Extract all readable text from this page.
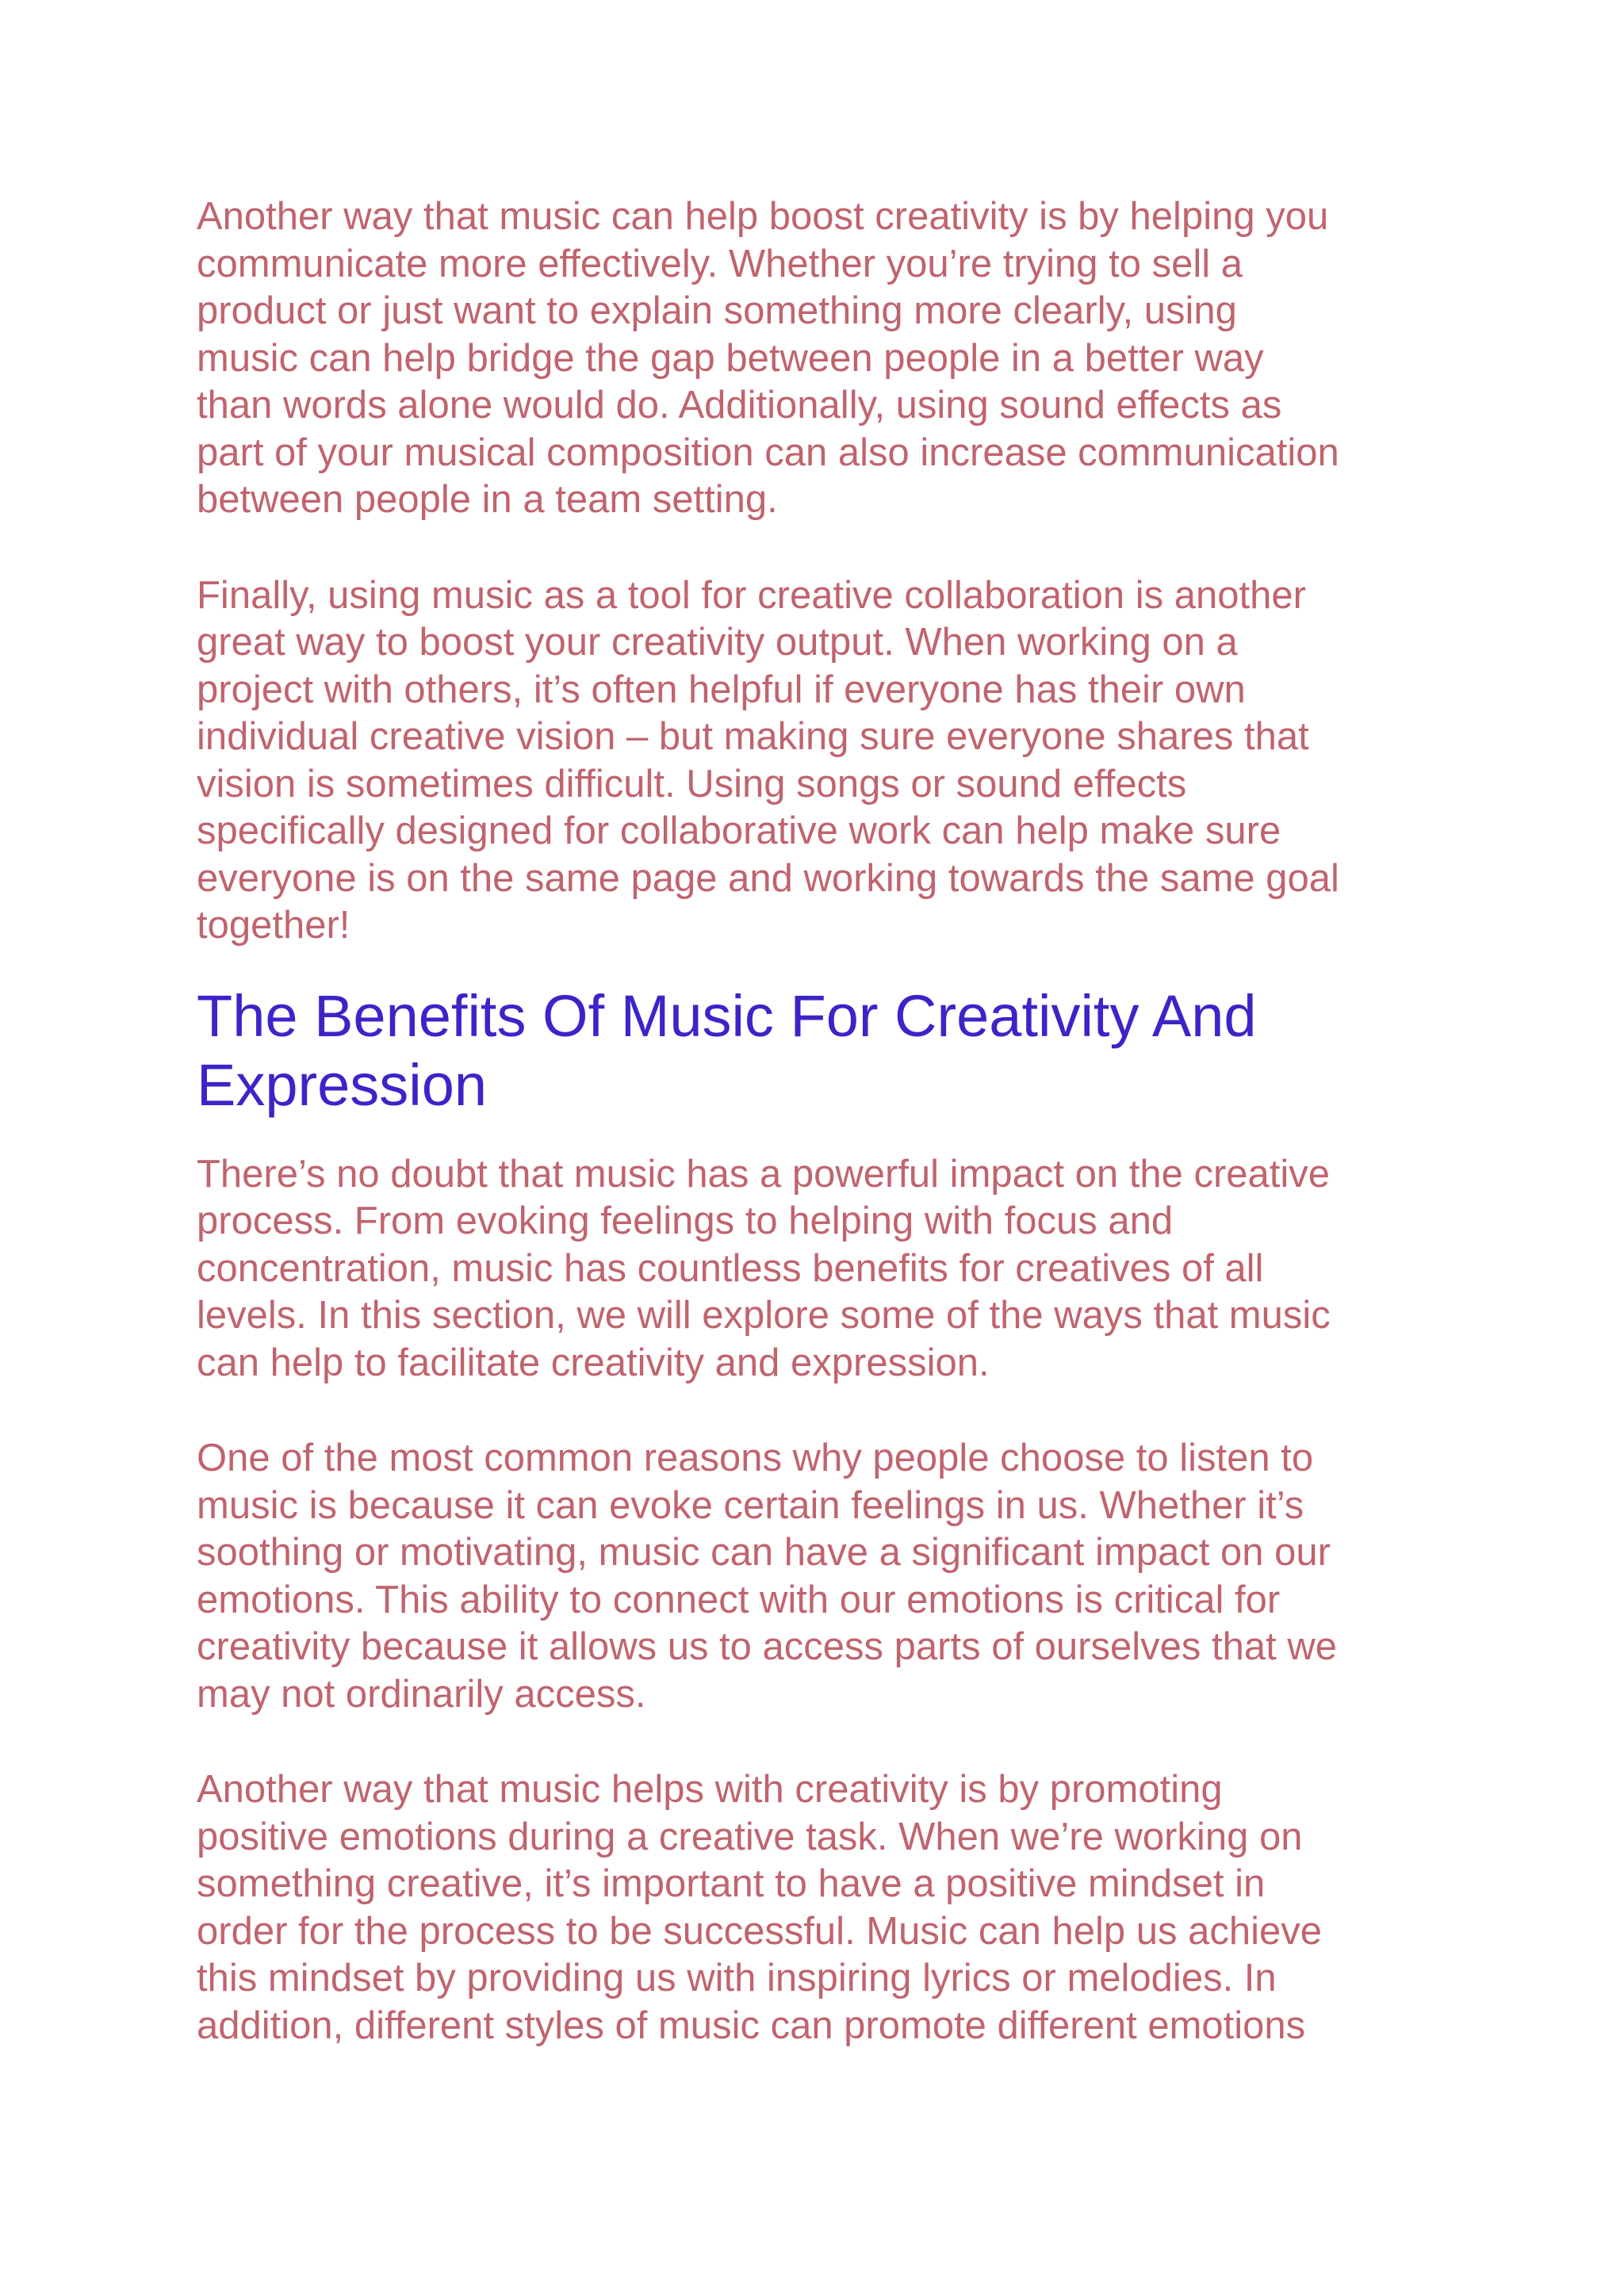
Another way that music can help boost creativity is by helping you
communicate more effectively. Whether you’re trying to sell a
product or just want to explain something more clearly, using
music can help bridge the gap between people in a better way
than words alone would do. Additionally, using sound effects as
part of your musical composition can also increase communication
between people in a team setting.

Finally, using music as a tool for creative collaboration is another
great way to boost your creativity output. When working on a
project with others, it’s often helpful if everyone has their own
individual creative vision – but making sure everyone shares that
vision is sometimes difficult. Using songs or sound effects
specifically designed for collaborative work can help make sure
everyone is on the same page and working towards the same goal
together!

The Benefits Of Music For Creativity And
Expression

There’s no doubt that music has a powerful impact on the creative
process. From evoking feelings to helping with focus and
concentration, music has countless benefits for creatives of all
levels. In this section, we will explore some of the ways that music
can help to facilitate creativity and expression.

One of the most common reasons why people choose to listen to
music is because it can evoke certain feelings in us. Whether it’s
soothing or motivating, music can have a significant impact on our
emotions. This ability to connect with our emotions is critical for
creativity because it allows us to access parts of ourselves that we
may not ordinarily access.

Another way that music helps with creativity is by promoting
positive emotions during a creative task. When we’re working on
something creative, it’s important to have a positive mindset in
order for the process to be successful. Music can help us achieve
this mindset by providing us with inspiring lyrics or melodies. In
addition, different styles of music can promote different emotions
